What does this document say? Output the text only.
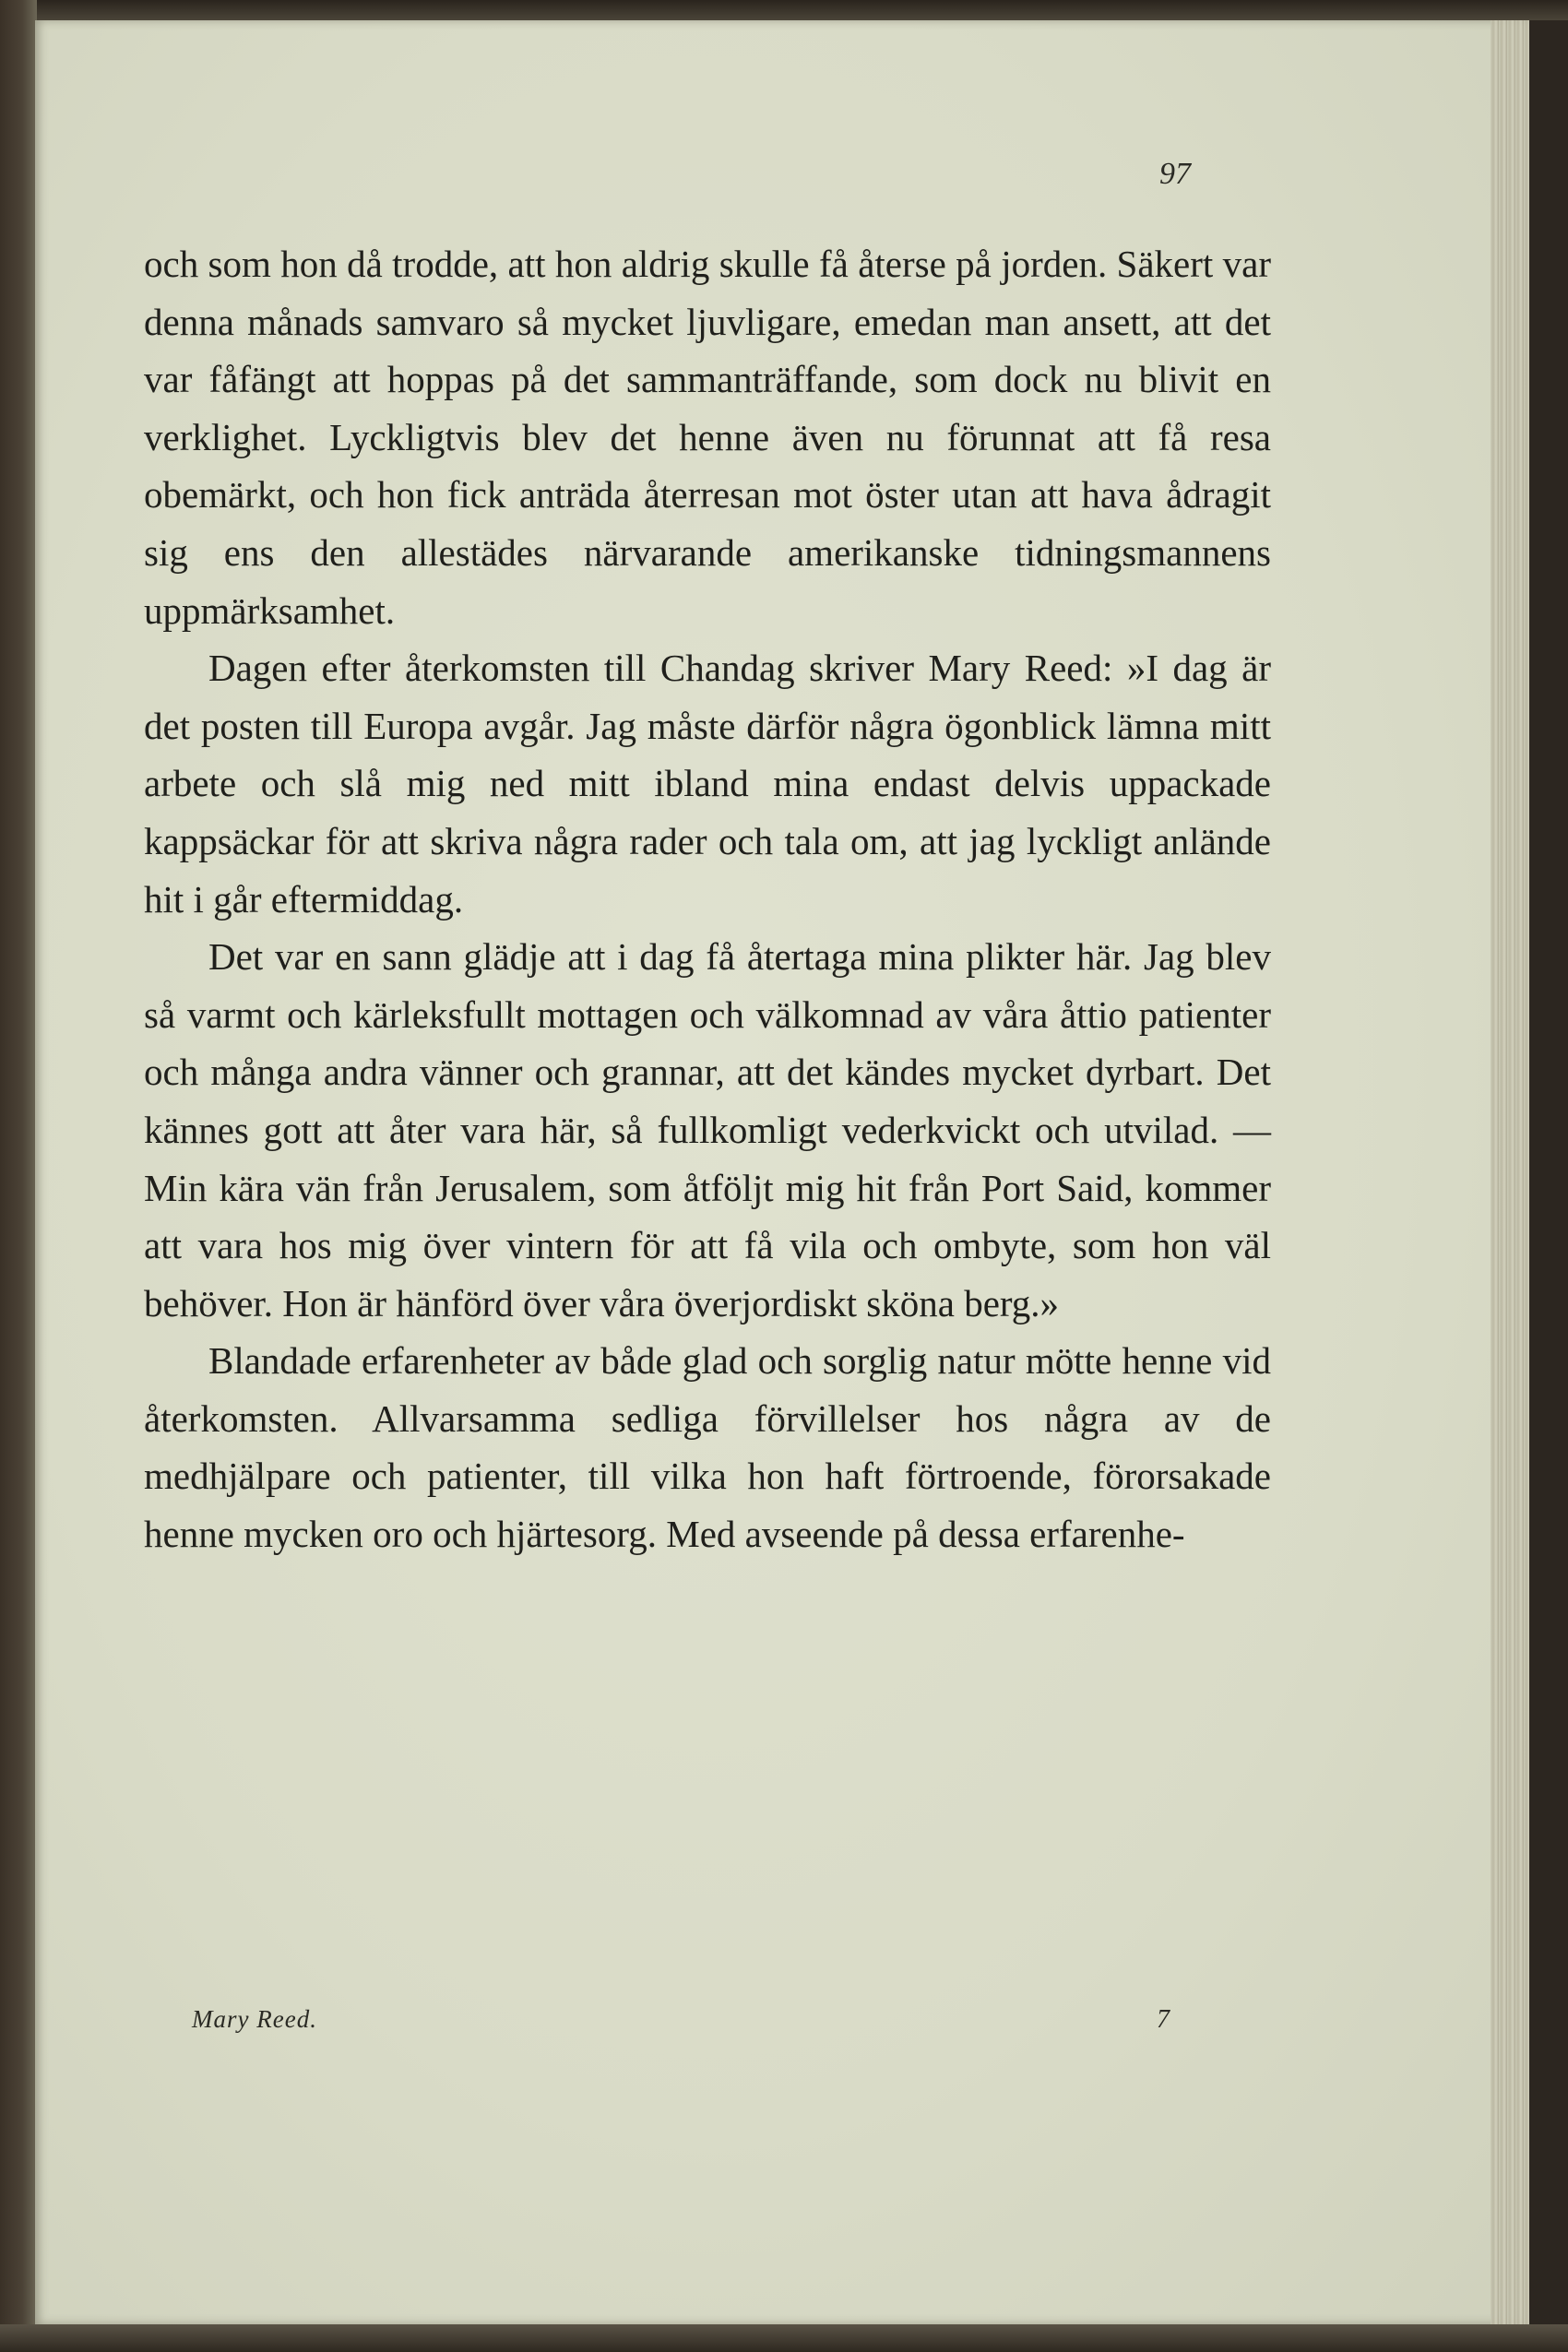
97

och som hon då trodde, att hon aldrig skulle få återse på jorden. Säkert var denna månads samvaro så mycket ljuvligare, emedan man ansett, att det var fåfängt att hoppas på det sammanträffande, som dock nu blivit en verklighet. Lyckligtvis blev det henne även nu förunnat att få resa obemärkt, och hon fick anträda återresan mot öster utan att hava ådragit sig ens den allestädes närvarande amerikanske tidningsmannens uppmärksamhet.

Dagen efter återkomsten till Chandag skriver Mary Reed: »I dag är det posten till Europa avgår. Jag måste därför några ögonblick lämna mitt arbete och slå mig ned mitt ibland mina endast delvis uppackade kappsäckar för att skriva några rader och tala om, att jag lyckligt anlände hit i går eftermiddag.

Det var en sann glädje att i dag få återtaga mina plikter här. Jag blev så varmt och kärleksfullt mottagen och välkomnad av våra åttio patienter och många andra vänner och grannar, att det kändes mycket dyrbart. Det kännes gott att åter vara här, så fullkomligt vederkvickt och utvilad. — Min kära vän från Jerusalem, som åtföljt mig hit från Port Said, kommer att vara hos mig över vintern för att få vila och ombyte, som hon väl behöver. Hon är hänförd över våra överjordiskt sköna berg.»

Blandade erfarenheter av både glad och sorglig natur mötte henne vid återkomsten. Allvarsamma sedliga förvillelser hos några av de medhjälpare och patienter, till vilka hon haft förtroende, förorsakade henne mycken oro och hjärtesorg. Med avseende på dessa erfarenhe-

Mary Reed.	7
